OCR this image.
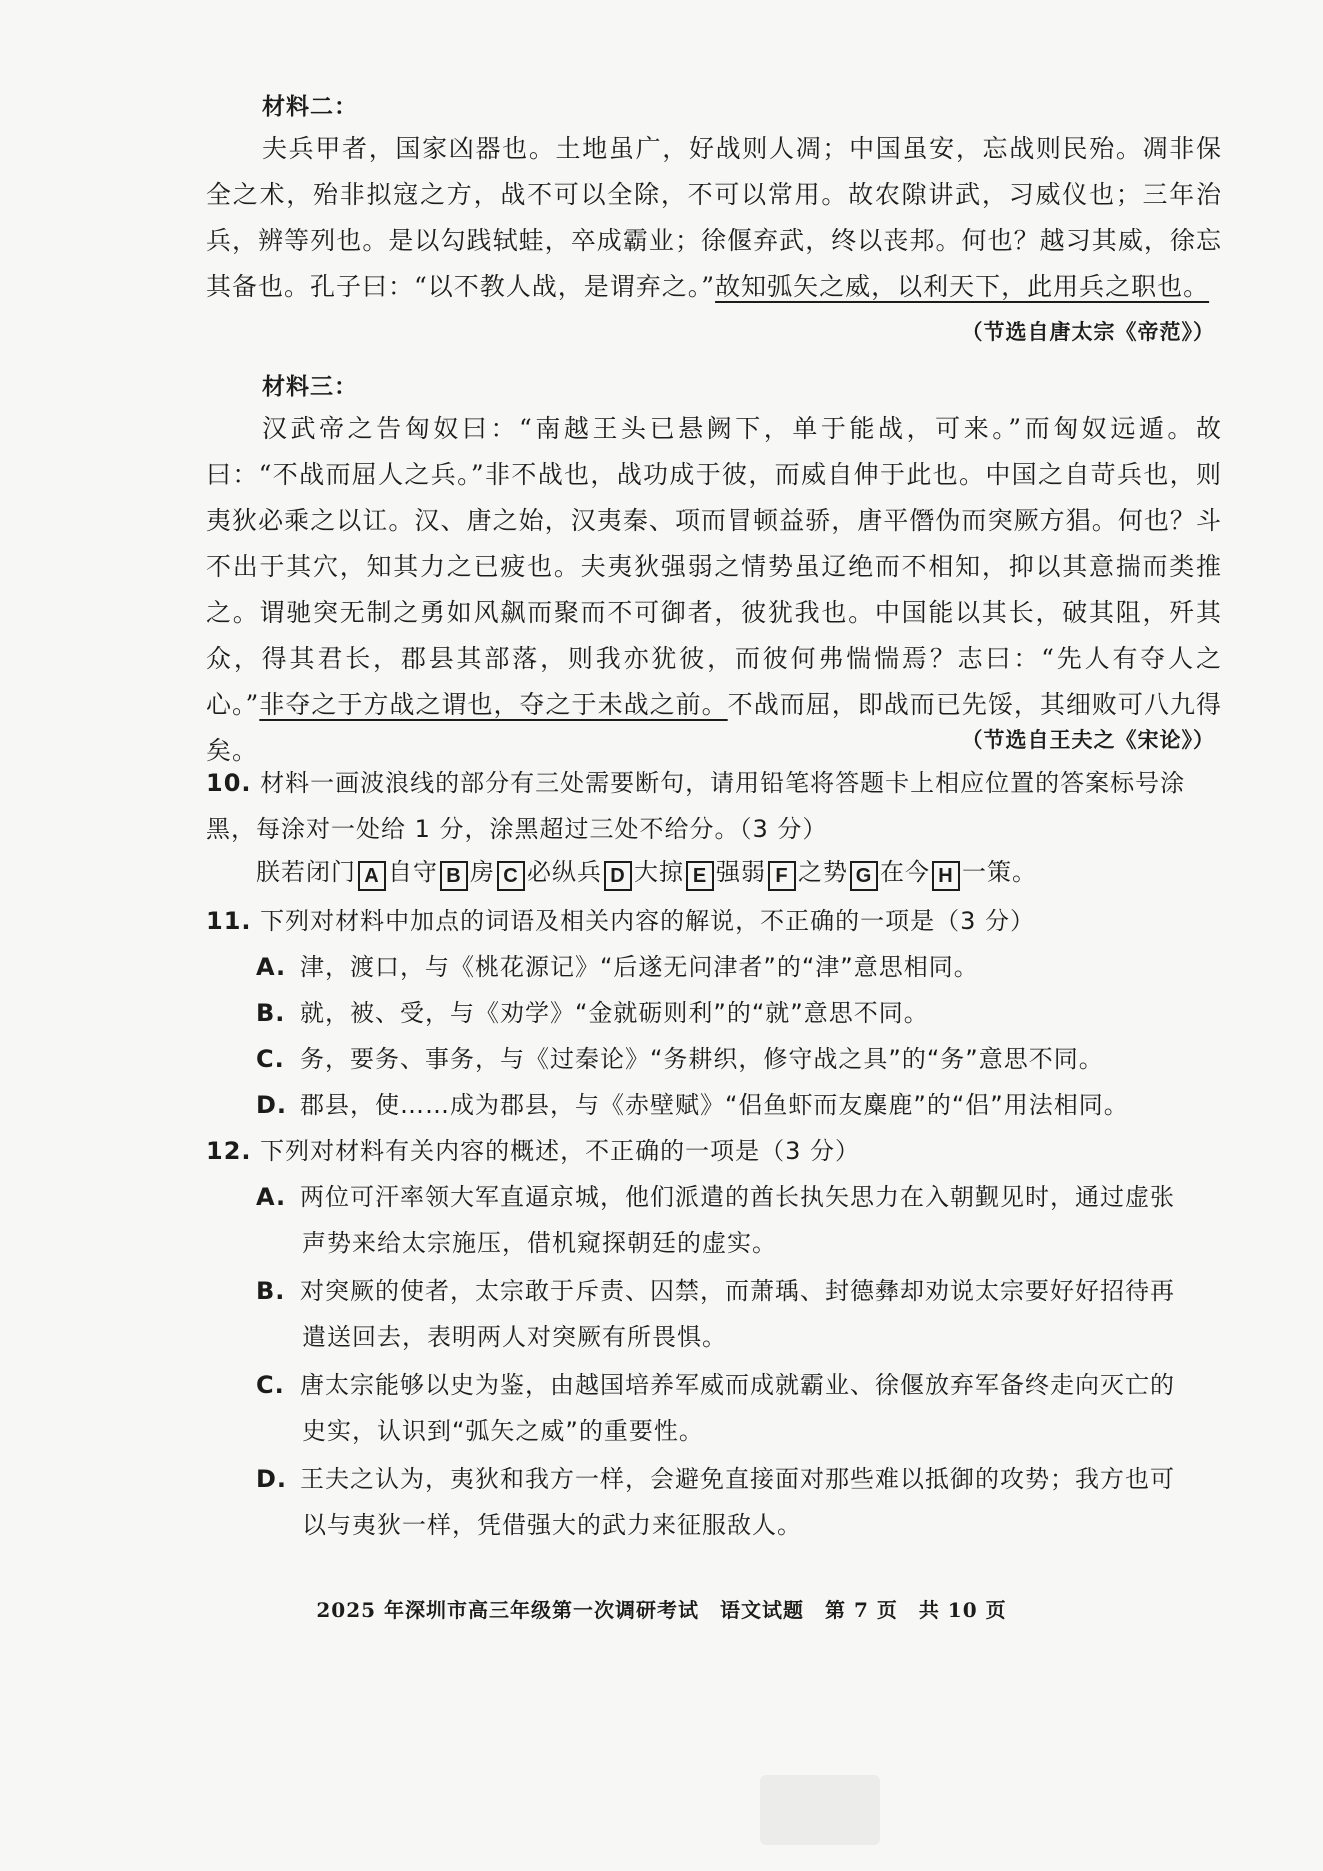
材料二：

夫兵甲者，国家凶器也。土地虽广，好战则人凋；中国虽安，忘战则民殆。凋非保全之术，殆非拟寇之方，战不可以全除，不可以常用。故农隙讲武，习威仪也；三年治兵，辨等列也。是以勾践轼蛙，卒成霸业；徐偃弃武，终以丧邦。何也？越习其威，徐忘其备也。孔子曰：“以不教人战，是谓弃之。”故知弧矢之威，以利天下，此用兵之职也。

（节选自唐太宗《帝范》）
材料三：

汉武帝之告匈奴曰：“南越王头已悬阙下，单于能战，可来。”而匈奴远遁。故曰：“不战而屈人之兵。”非不战也，战功成于彼，而威自伸于此也。中国之自苛兵也，则夷狄必乘之以讧。汉、唐之始，汉夷秦、项而冒顿益骄，唐平僭伪而突厥方猖。何也？斗不出于其穴，知其力之已疲也。夫夷狄强弱之情势虽辽绝而不相知，抑以其意揣而类推之。谓驰突无制之勇如风飙而聚而不可御者，彼犹我也。中国能以其长，破其阻，歼其众，得其君长，郡县其部落，则我亦犹彼，而彼何弗惴惴焉？志曰：“先人有夺人之心。”非夺之于方战之谓也，夺之于未战之前。不战而屈，即战而已先馁，其细败可八九得矣。	（节选自王夫之《宋论》）

10. 材料一画波浪线的部分有三处需要断句，请用铅笔将答题卡上相应位置的答案标号涂黑，每涂对一处给 1 分，涂黑超过三处不给分。（3 分）

朕若闭门 A 自守 B 房 C 必纵兵 D 大掠 E 强弱 F 之势 G 在今 H 一策。

11. 下列对材料中加点的词语及相关内容的解说，不正确的一项是（3 分）

A. 津，渡口，与《桃花源记》“后遂无问津者”的“津”意思相同。

B. 就，被、受，与《劝学》“金就砺则利”的“就”意思不同。

C. 务，要务、事务，与《过秦论》“务耕织，修守战之具”的“务”意思不同。

D. 郡县，使……成为郡县，与《赤壁赋》“侣鱼虾而友麋鹿”的“侣”用法相同。

12. 下列对材料有关内容的概述，不正确的一项是（3 分）

A. 两位可汗率领大军直逼京城，他们派遣的酋长执矢思力在入朝觐见时，通过虚张
声势来给太宗施压，借机窥探朝廷的虚实。

B. 对突厥的使者，太宗敢于斥责、囚禁，而萧瑀、封德彝却劝说太宗要好好招待再
遣送回去，表明两人对突厥有所畏惧。

C. 唐太宗能够以史为鉴，由越国培养军威而成就霸业、徐偃放弃军备终走向灭亡的
史实，认识到“弧矢之威”的重要性。

D. 王夫之认为，夷狄和我方一样，会避免直接面对那些难以抵御的攻势；我方也可
以与夷狄一样，凭借强大的武力来征服敌人。

2025 年深圳市高三年级第一次调研考试　语文试题　第 7 页　共 10 页
